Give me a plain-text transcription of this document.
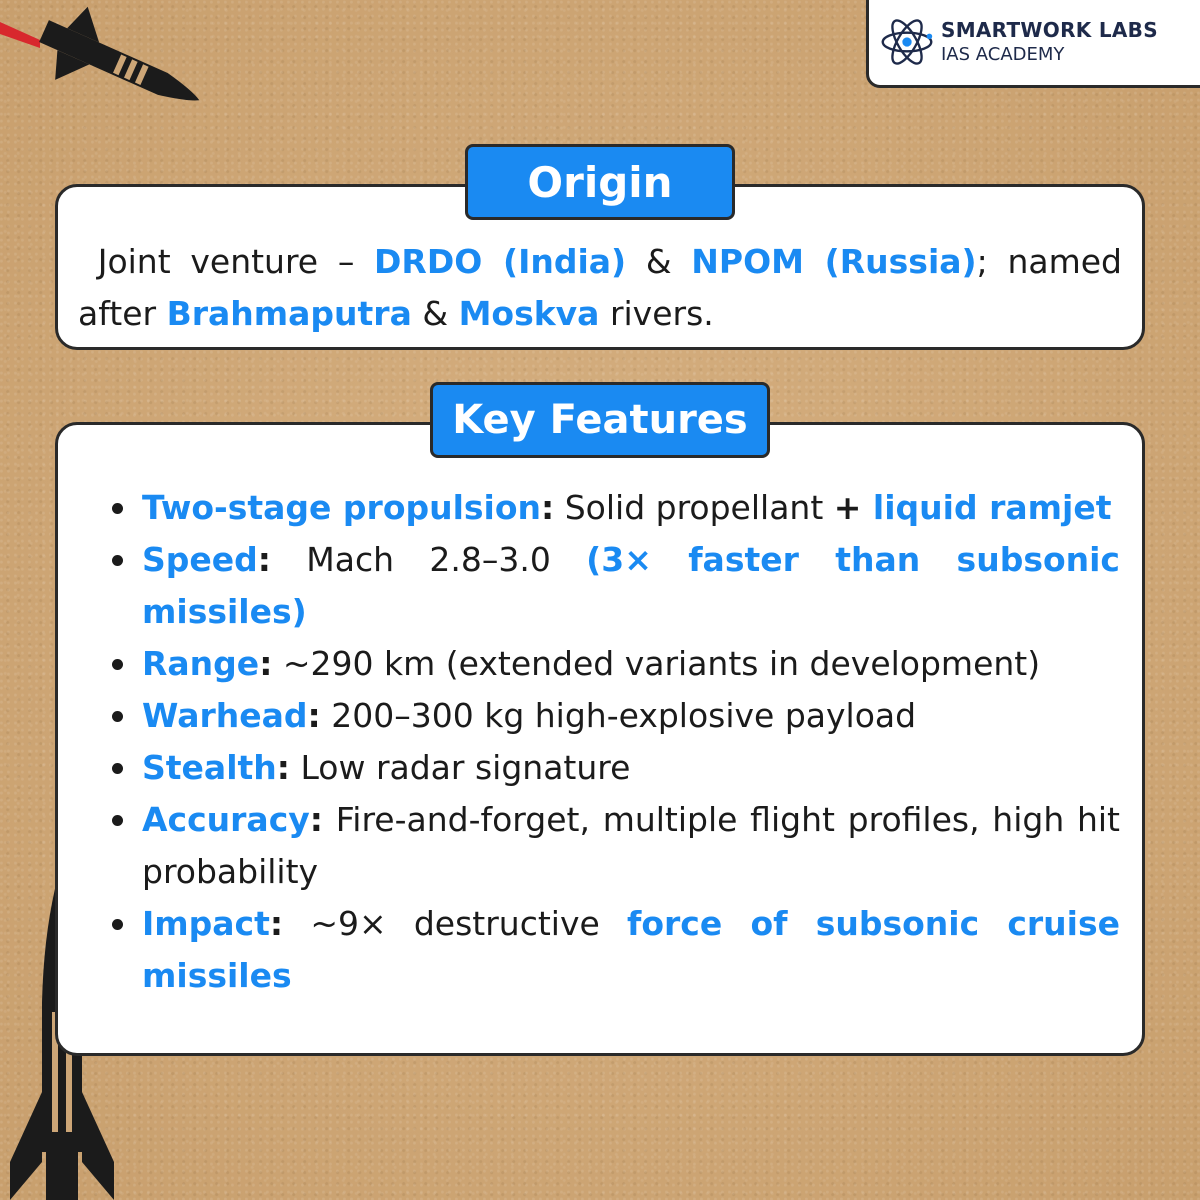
SMARTWORK LABS
IAS ACADEMY
Origin

Joint venture – DRDO (India) & NPOM (Russia); named after Brahmaputra & Moskva rivers.

Key Features
Two-stage propulsion: Solid propellant + liquid ramjet
Speed: Mach 2.8–3.0 (3× faster than subsonic missiles)
Range: ~290 km (extended variants in development)
Warhead: 200–300 kg high-explosive payload
Stealth: Low radar signature
Accuracy: Fire-and-forget, multiple flight profiles, high hit probability
Impact: ~9× destructive force of subsonic cruise missiles
